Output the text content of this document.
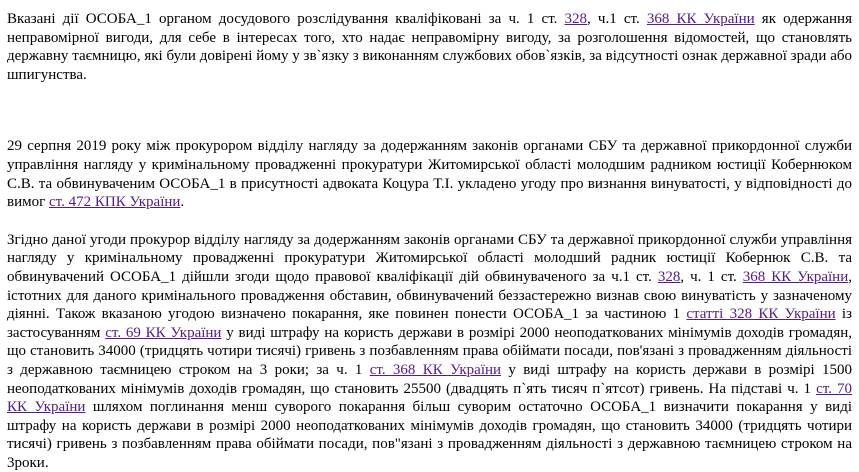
Вказані дії ОСОБА_1 органом досудового розслідування кваліфіковані за ч. 1 ст. 328, ч.1 ст. 368 КК України як одержання неправомірної вигоди, для себе в інтересах того, хто надає неправомірну вигоду, за розголошення відомостей, що становлять державну таємницю, які були довірені йому у зв`язку з виконанням службових обов`язків, за відсутності ознак державної зради або шпигунства.

29 серпня 2019 року між прокурором відділу нагляду за додержанням законів органами СБУ та державної прикордонної служби управління нагляду у кримінальному провадженні прокуратури Житомирської області молодшим радником юстиції Кобернюком С.В. та обвинуваченим ОСОБА_1 в присутності адвоката Коцура Т.І. укладено угоду про визнання винуватості, у відповідності до вимог ст. 472 КПК України.

Згідно даної угоди прокурор відділу нагляду за додержанням законів органами СБУ та державної прикордонної служби управління нагляду у кримінальному провадженні прокуратури Житомирської області молодший радник юстиції Кобернюк С.В. та обвинувачений ОСОБА_1 дійшли згоди щодо правової кваліфікації дій обвинуваченого за ч.1 ст. 328, ч. 1 ст. 368 КК України, істотних для даного кримінального провадження обставин, обвинувачений беззастережно визнав свою винуватість у зазначеному діянні. Також вказаною угодою визначено покарання, яке повинен понести ОСОБА_1 за частиною 1 статті 328 КК України із застосуванням ст. 69 КК України у виді штрафу на користь держави в розмірі 2000 неоподаткованих мінімумів доходів громадян, що становить 34000 (тридцять чотири тисячі) гривень з позбавленням права обіймати посади, пов'язані з провадженням діяльності з державною таємницею строком на 3 роки; за ч. 1 ст. 368 КК України у виді штрафу на користь держави в розмірі 1500 неоподаткованих мінімумів доходів громадян, що становить 25500 (двадцять п`ять тисяч п`ятсот) гривень. На підставі ч. 1 ст. 70 КК України шляхом поглинання менш суворого покарання більш суворим остаточно ОСОБА_1 визначити покарання у виді штрафу на користь держави в розмірі 2000 неоподаткованих мінімумів доходів громадян, що становить 34000 (тридцять чотири тисячі) гривень з позбавленням права обіймати посади, пов"язані з провадженням діяльності з державною таємницею строком на 3роки.
